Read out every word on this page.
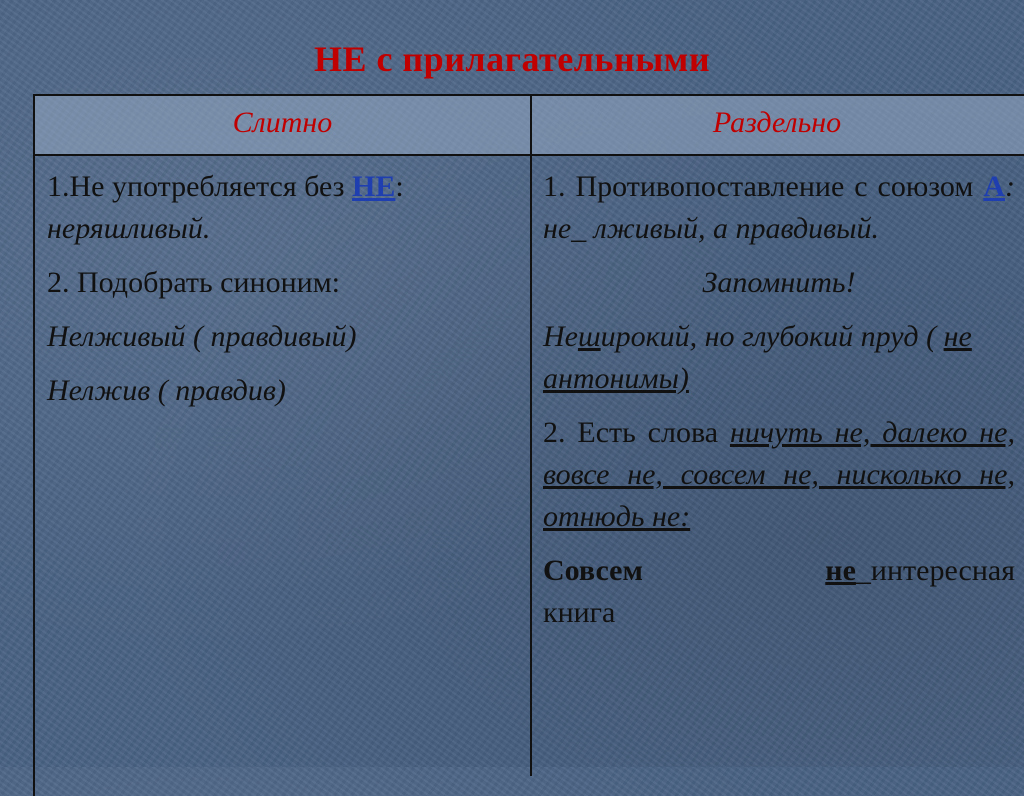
НЕ с прилагательными
Слитно	Раздельно
1.Не употребляется без НЕ:
неряшливый.
2. Подобрать синоним:
Нелживый ( правдивый)
Нелжив ( правдив)
1. Противопоставление с союзом А: не_ лживый, а правдивый.
Запомнить!
Неширокий, но глубокий пруд ( не антонимы)
2. Есть слова ничуть не, далеко не, вовсе не, совсем не, нисколько не, отнюдь не:
Совсем	не_интересная
книга
